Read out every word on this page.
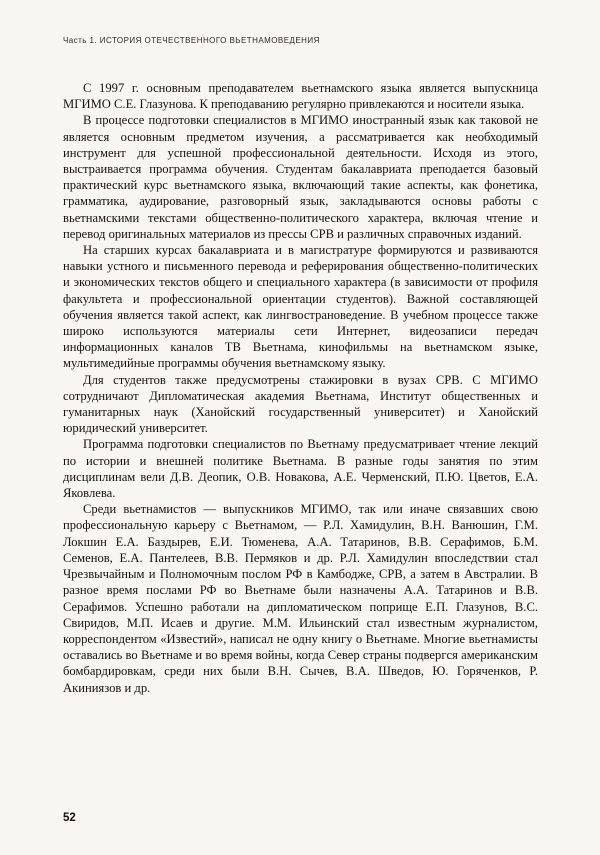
Часть 1. ИСТОРИЯ ОТЕЧЕСТВЕННОГО ВЬЕТНАМОВЕДЕНИЯ

С 1997 г. основным преподавателем вьетнамского языка является выпускница МГИМО С.Е. Глазунова. К преподаванию регулярно привлекаются и носители языка.

В процессе подготовки специалистов в МГИМО иностранный язык как таковой не является основным предметом изучения, а рассматривается как необходимый инструмент для успешной профессиональной деятельности. Исходя из этого, выстраивается программа обучения. Студентам бакалавриата преподается базовый практический курс вьетнамского языка, включающий такие аспекты, как фонетика, грамматика, аудирование, разговорный язык, закладываются основы работы с вьетнамскими текстами общественно-политического характера, включая чтение и перевод оригинальных материалов из прессы СРВ и различных справочных изданий.

На старших курсах бакалавриата и в магистратуре формируются и развиваются навыки устного и письменного перевода и реферирования общественно-политических и экономических текстов общего и специального характера (в зависимости от профиля факультета и профессиональной ориентации студентов). Важной составляющей обучения является такой аспект, как лингвострановедение. В учебном процессе также широко используются материалы сети Интернет, видеозаписи передач информационных каналов ТВ Вьетнама, кинофильмы на вьетнамском языке, мультимедийные программы обучения вьетнамскому языку.

Для студентов также предусмотрены стажировки в вузах СРВ. С МГИМО сотрудничают Дипломатическая академия Вьетнама, Институт общественных и гуманитарных наук (Ханойский государственный университет) и Ханойский юридический университет.

Программа подготовки специалистов по Вьетнаму предусматривает чтение лекций по истории и внешней политике Вьетнама. В разные годы занятия по этим дисциплинам вели Д.В. Деопик, О.В. Новакова, А.Е. Черменский, П.Ю. Цветов, Е.А. Яковлева.

Среди вьетнамистов — выпускников МГИМО, так или иначе связавших свою профессиональную карьеру с Вьетнамом, — Р.Л. Хамидулин, В.Н. Ванюшин, Г.М. Локшин Е.А. Баздырев, Е.И. Тюменева, А.А. Татаринов, В.В. Серафимов, Б.М. Семенов, Е.А. Пантелеев, В.В. Пермяков и др. Р.Л. Хамидулин впоследствии стал Чрезвычайным и Полномочным послом РФ в Камбодже, СРВ, а затем в Австралии. В разное время послами РФ во Вьетнаме были назначены А.А. Татаринов и В.В. Серафимов. Успешно работали на дипломатическом поприще Е.П. Глазунов, В.С. Свиридов, М.П. Исаев и другие. М.М. Ильинский стал известным журналистом, корреспондентом «Известий», написал не одну книгу о Вьетнаме. Многие вьетнамисты оставались во Вьетнаме и во время войны, когда Север страны подвергся американским бомбардировкам, среди них были В.Н. Сычев, В.А. Шведов, Ю. Горяченков, Р. Акиниязов и др.

52
